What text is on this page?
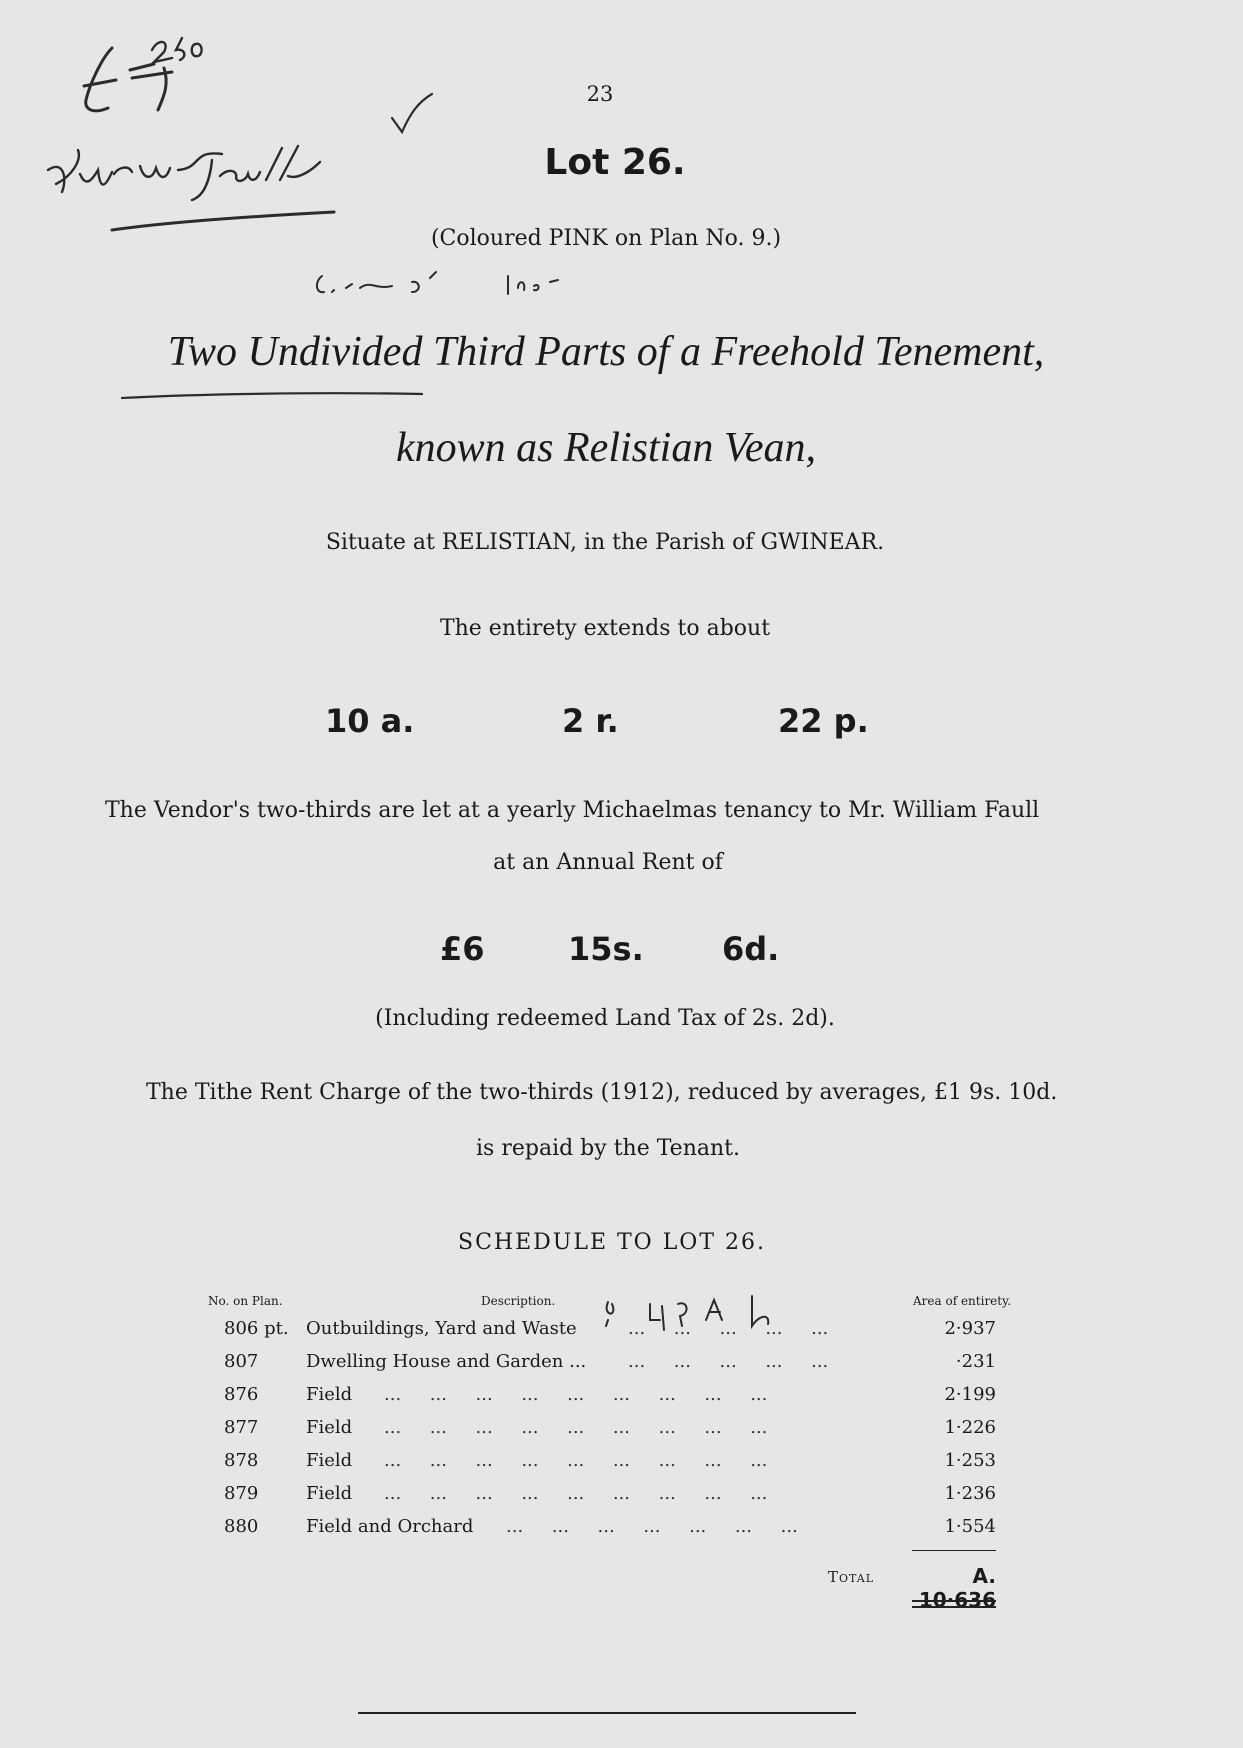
23
Lot 26.
(Coloured PINK on Plan No. 9.)
Two Undivided Third Parts of a Freehold Tenement,
known as Relistian Vean,
Situate at RELISTIAN, in the Parish of GWINEAR.
The entirety extends to about
10 a.	2 r.	22 p.
The Vendor's two-thirds are let at a yearly Michaelmas tenancy to Mr. William Faull
at an Annual Rent of
£6	15s. 6d.
(Including redeemed Land Tax of 2s. 2d).
The Tithe Rent Charge of the two-thirds (1912), reduced by averages, £1 9s. 10d.
is repaid by the Tenant.
SCHEDULE TO LOT 26.
No. on Plan.	Description.	Area of entirety.
806 pt. Outbuildings, Yard and Waste	...     ...     ...     ...     ...	2·937
807	Dwelling House and Garden ... ...     ...     ...     ...     ...	·231
876	Field ...     ...     ...     ...     ...     ...     ...     ...     ...	2·199
877	Field ...     ...     ...     ...     ...     ...     ...     ...     ...	1·226
878	Field ...     ...     ...     ...     ...     ...     ...     ...     ...	1·253
879	Field ...     ...     ...     ...     ...     ...     ...     ...     ...	1·236
880	Field and Orchard ...     ...     ...     ...     ...     ...     ...	1·554
Total	A. 10·636
